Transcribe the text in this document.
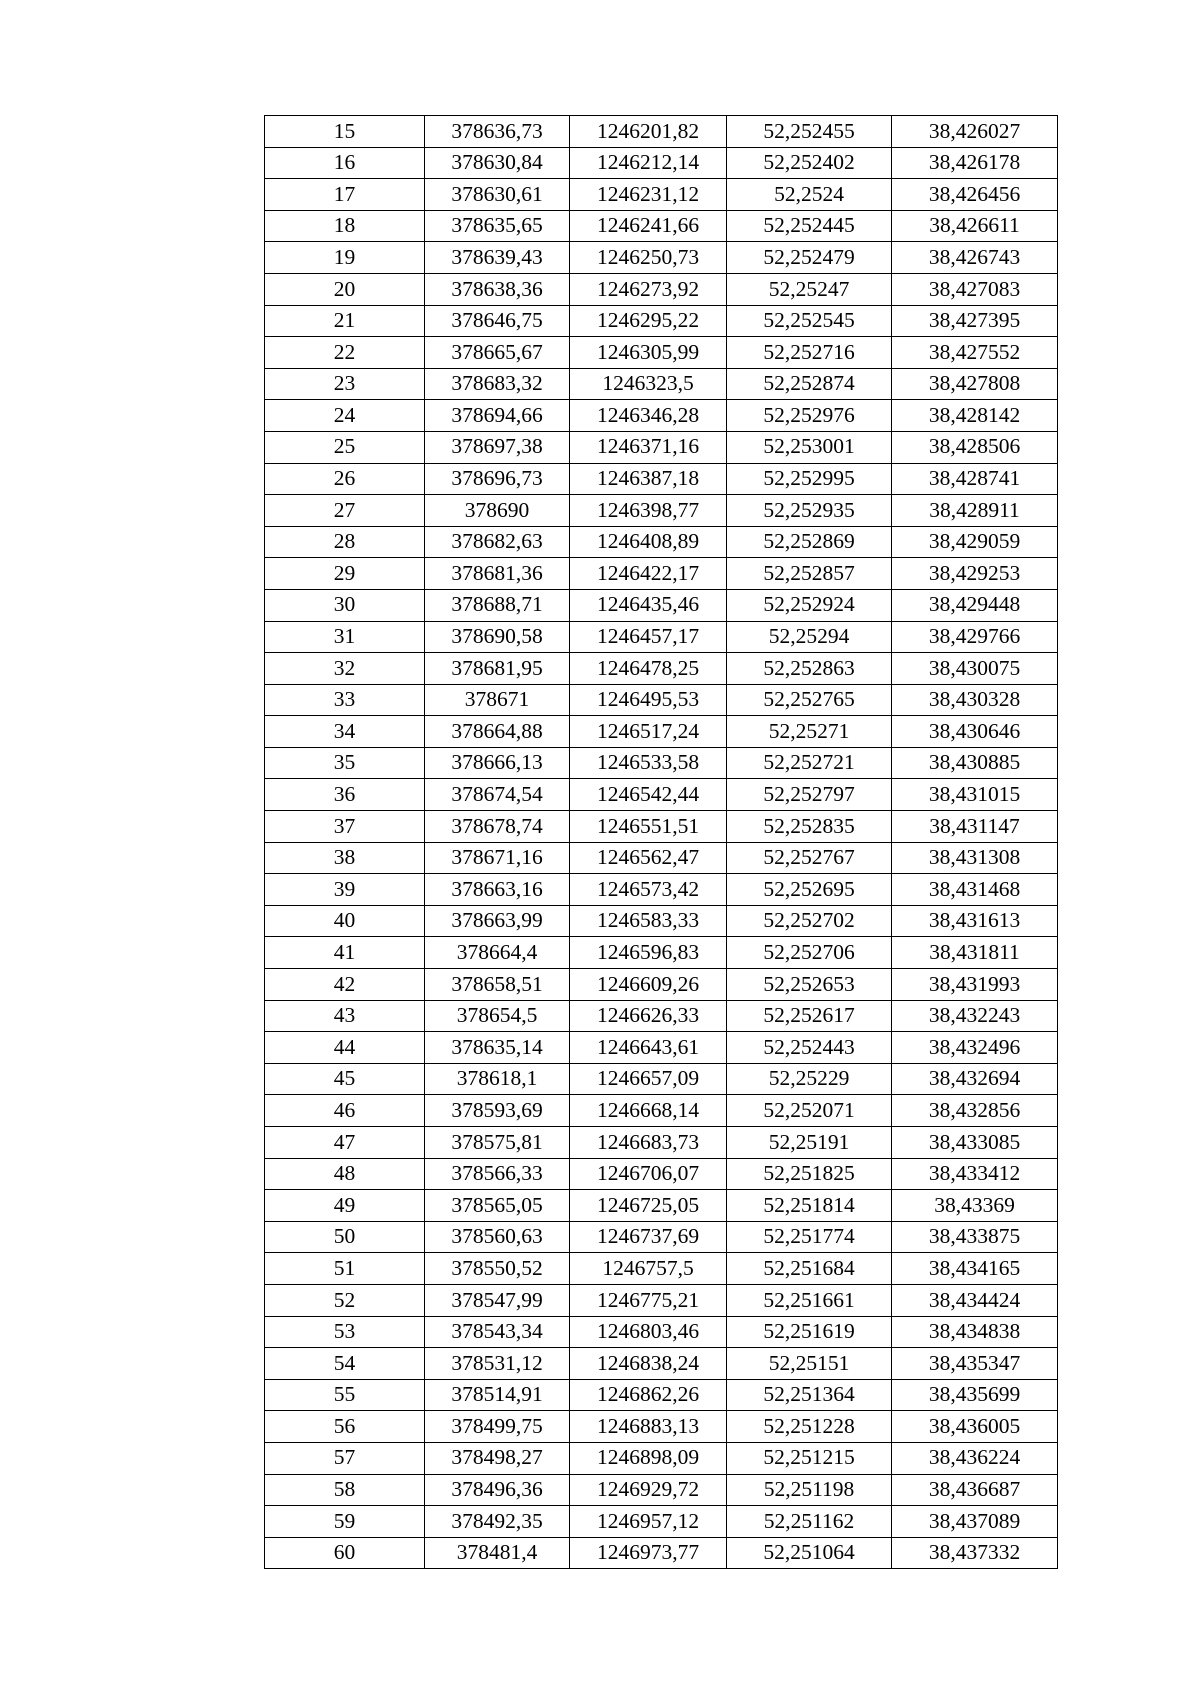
15	378636,73	1246201,82	52,252455	38,426027
16	378630,84	1246212,14	52,252402	38,426178
17	378630,61	1246231,12	52,2524	38,426456
18	378635,65	1246241,66	52,252445	38,426611
19	378639,43	1246250,73	52,252479	38,426743
20	378638,36	1246273,92	52,25247	38,427083
21	378646,75	1246295,22	52,252545	38,427395
22	378665,67	1246305,99	52,252716	38,427552
23	378683,32	1246323,5	52,252874	38,427808
24	378694,66	1246346,28	52,252976	38,428142
25	378697,38	1246371,16	52,253001	38,428506
26	378696,73	1246387,18	52,252995	38,428741
27	378690	1246398,77	52,252935	38,428911
28	378682,63	1246408,89	52,252869	38,429059
29	378681,36	1246422,17	52,252857	38,429253
30	378688,71	1246435,46	52,252924	38,429448
31	378690,58	1246457,17	52,25294	38,429766
32	378681,95	1246478,25	52,252863	38,430075
33	378671	1246495,53	52,252765	38,430328
34	378664,88	1246517,24	52,25271	38,430646
35	378666,13	1246533,58	52,252721	38,430885
36	378674,54	1246542,44	52,252797	38,431015
37	378678,74	1246551,51	52,252835	38,431147
38	378671,16	1246562,47	52,252767	38,431308
39	378663,16	1246573,42	52,252695	38,431468
40	378663,99	1246583,33	52,252702	38,431613
41	378664,4	1246596,83	52,252706	38,431811
42	378658,51	1246609,26	52,252653	38,431993
43	378654,5	1246626,33	52,252617	38,432243
44	378635,14	1246643,61	52,252443	38,432496
45	378618,1	1246657,09	52,25229	38,432694
46	378593,69	1246668,14	52,252071	38,432856
47	378575,81	1246683,73	52,25191	38,433085
48	378566,33	1246706,07	52,251825	38,433412
49	378565,05	1246725,05	52,251814	38,43369
50	378560,63	1246737,69	52,251774	38,433875
51	378550,52	1246757,5	52,251684	38,434165
52	378547,99	1246775,21	52,251661	38,434424
53	378543,34	1246803,46	52,251619	38,434838
54	378531,12	1246838,24	52,25151	38,435347
55	378514,91	1246862,26	52,251364	38,435699
56	378499,75	1246883,13	52,251228	38,436005
57	378498,27	1246898,09	52,251215	38,436224
58	378496,36	1246929,72	52,251198	38,436687
59	378492,35	1246957,12	52,251162	38,437089
60	378481,4	1246973,77	52,251064	38,437332
